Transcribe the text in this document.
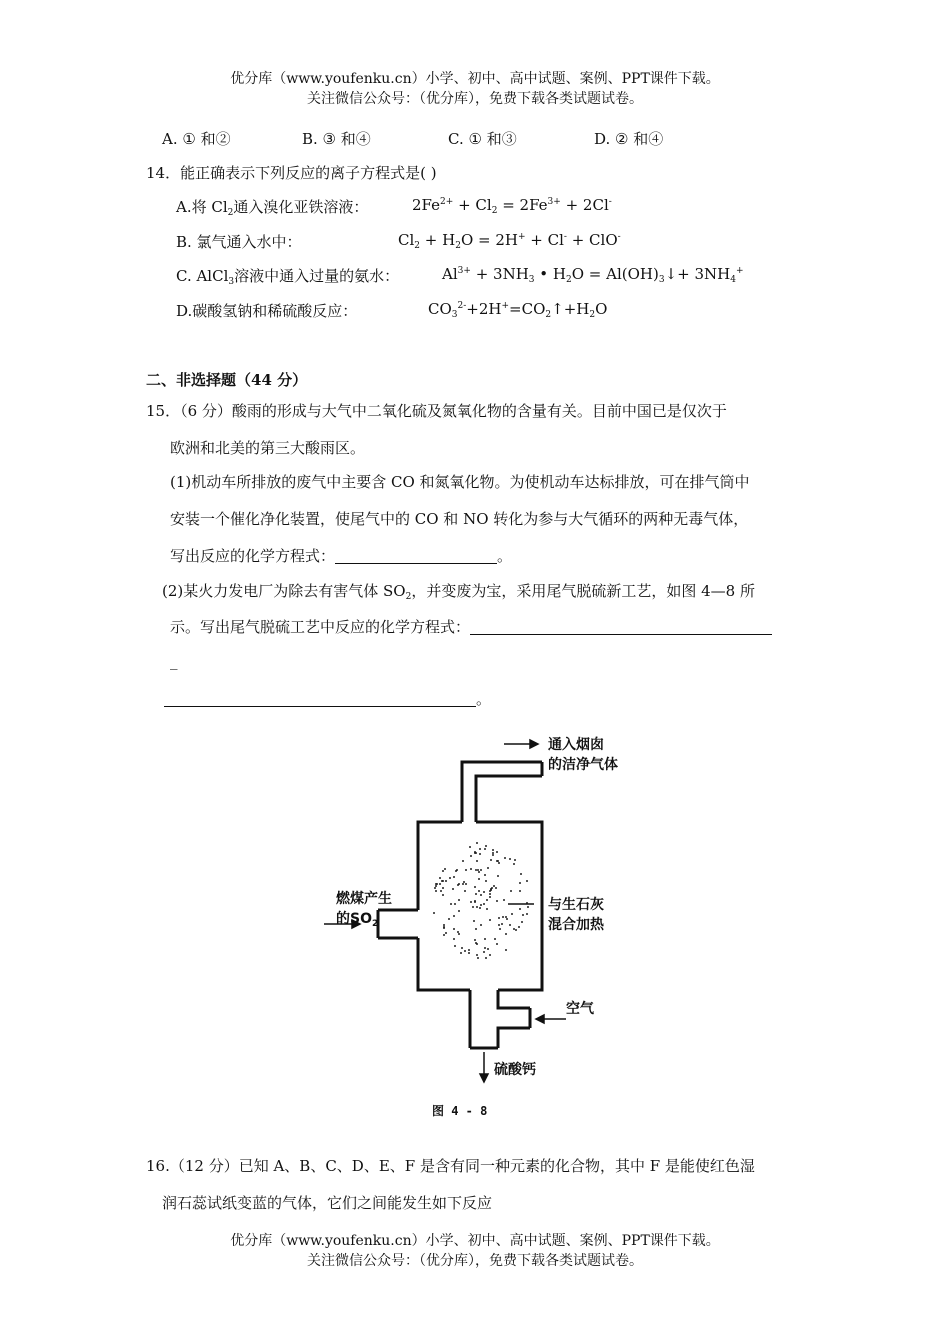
优分库（www.youfenku.cn）小学、初中、高中试题、案例、PPT课件下载。
关注微信公众号：（优分库），免费下载各类试题试卷。
A. ① 和②	B. ③ 和④	C. ① 和③	D. ② 和④
14．能正确表示下列反应的离子方程式是( )
A.将 $Cl_2$通入溴化亚铁溶液：	$2Fe^{2+} + Cl_2 = 2Fe^{3+} + 2Cl^-$
B. 氯气通入水中：	$Cl_2 + H_2O = 2H^+ + Cl^- + ClO^-$
C. AlCl$_3$溶液中通入过量的氨水：	$Al^{3+} + 3NH_3$ • $H_2O$ = $Al(OH)_3↓+ 3NH_4^+$
D.碳酸氢钠和稀硫酸反应：	$CO_3^{2-}+2H^+=CO_2↑+H_2O$
二、非选择题（44 分）
15．（6 分）酸雨的形成与大气中二氧化硫及氮氧化物的含量有关。目前中国已是仅次于
欧洲和北美的第三大酸雨区。
(1)机动车所排放的废气中主要含 CO 和氮氧化物。为使机动车达标排放，可在排气筒中
安装一个催化净化装置，使尾气中的 CO 和 NO 转化为参与大气循环的两种无毒气体，
写出反应的化学方程式：	。
(2)某火力发电厂为除去有害气体 $SO_2$，并变废为宝，采用尾气脱硫新工艺，如图 4—8 所
示。写出尾气脱硫工艺中反应的化学方程式：
_
。
通入烟囱
的洁净气体
燃煤产生
的$SO_2$
与生石灰
混合加热
空气
硫酸钙
图 4 - 8
16.（12 分）已知 A、B、C、D、E、F 是含有同一种元素的化合物，其中 F 是能使红色湿
润石蕊试纸变蓝的气体，它们之间能发生如下反应
优分库（www.youfenku.cn）小学、初中、高中试题、案例、PPT课件下载。
关注微信公众号：（优分库），免费下载各类试题试卷。
